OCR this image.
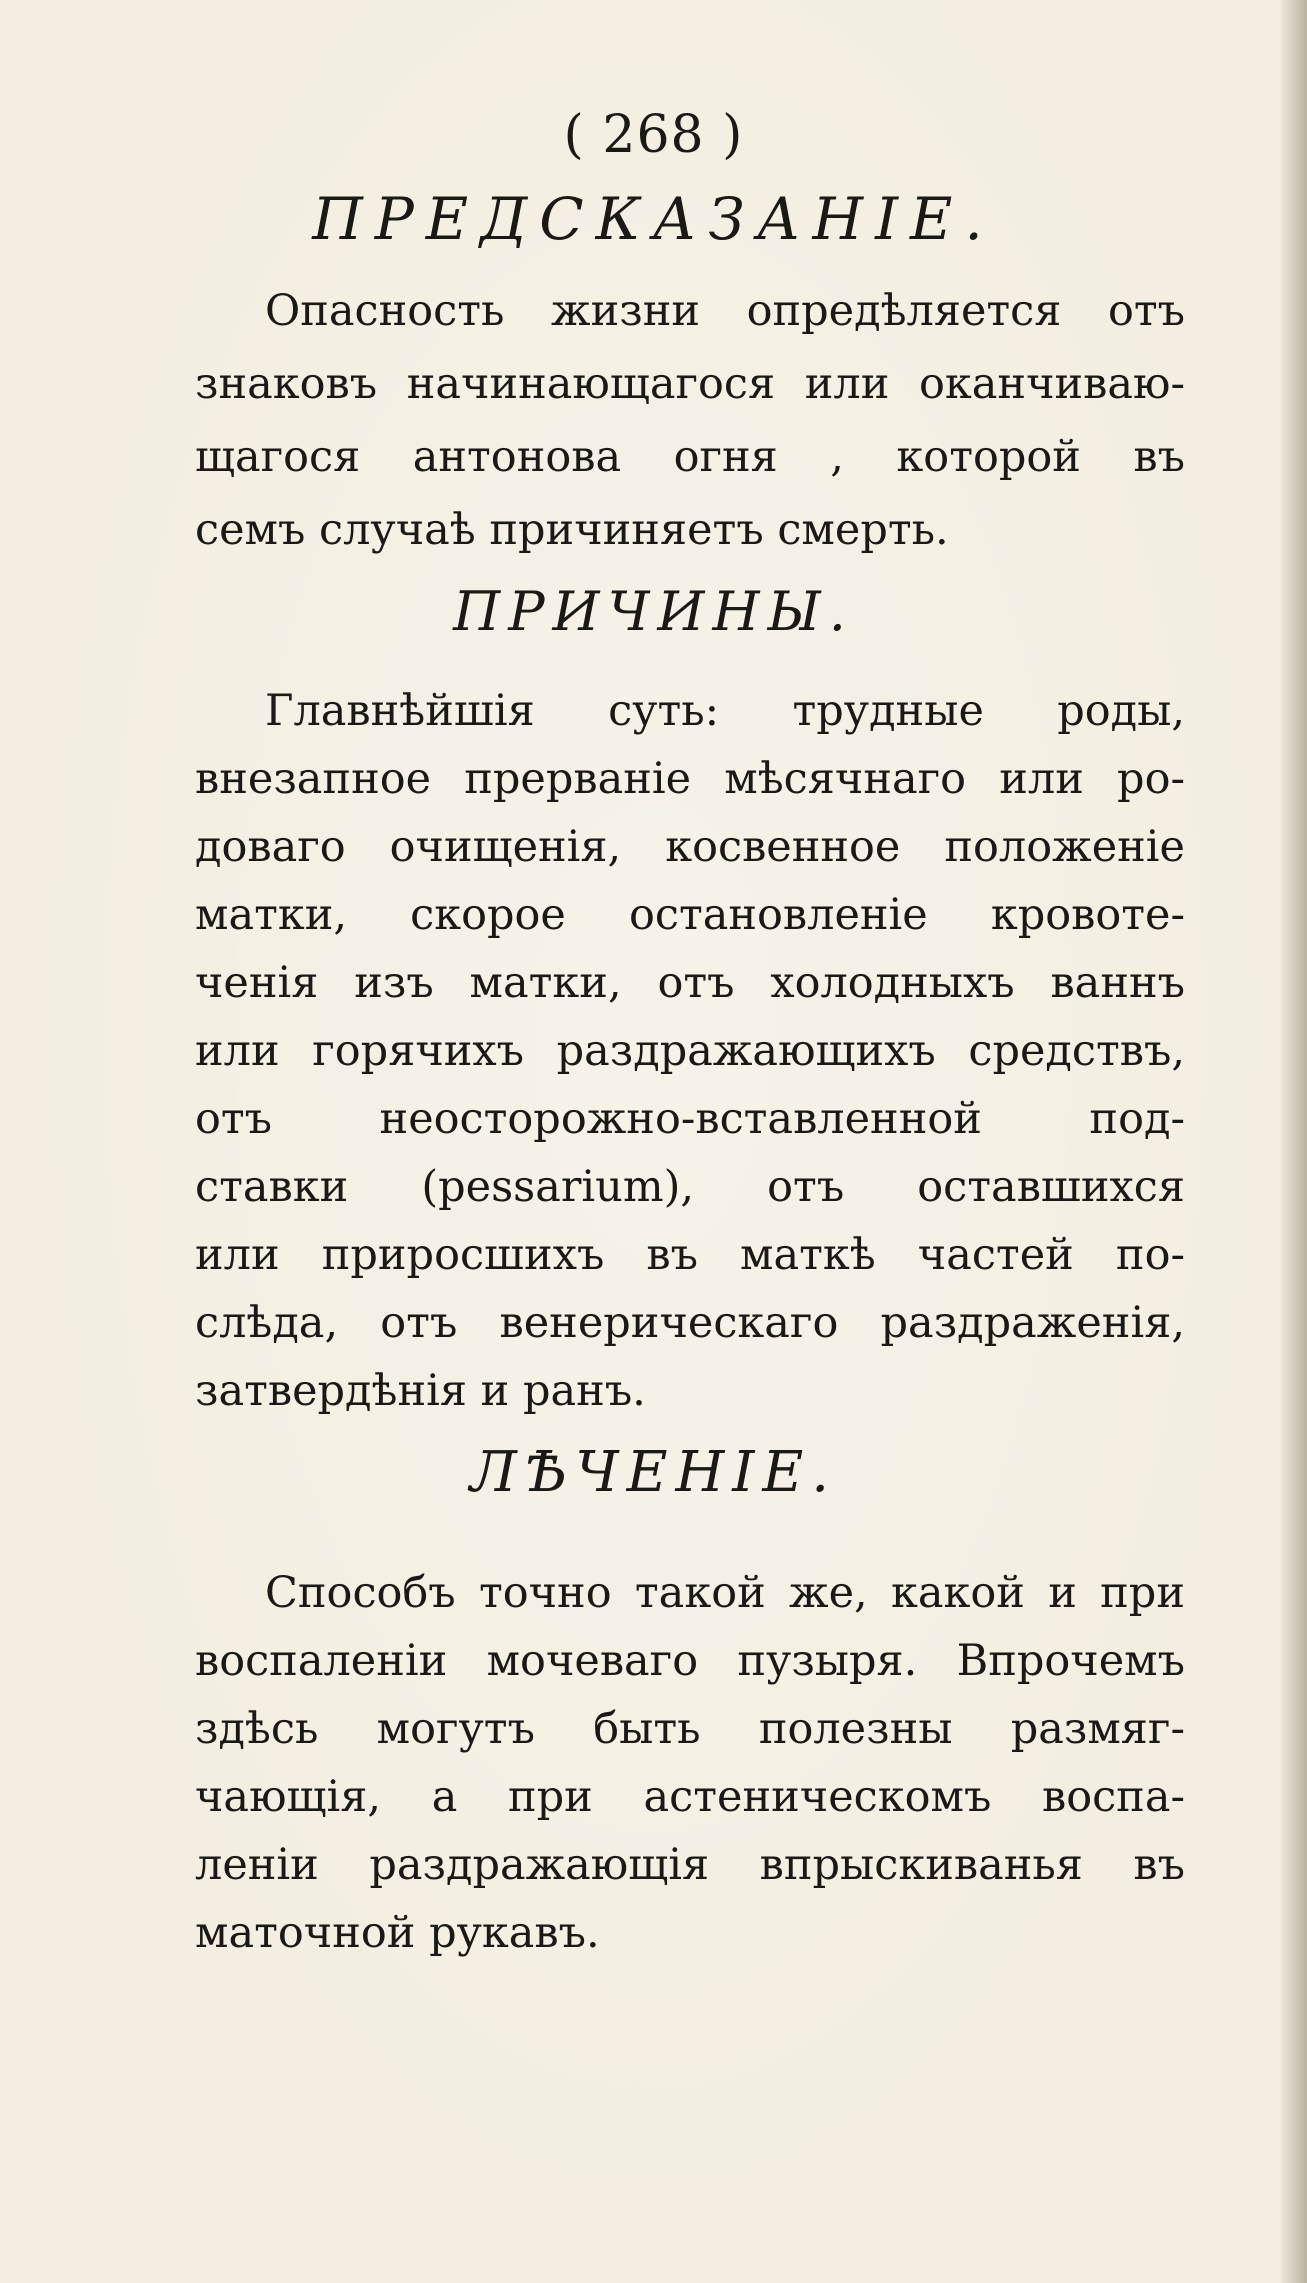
( 268 )
ПРЕДСКАЗАНIЕ.
Опасность жизни опредѣляется отъ
знаковъ начинающагося или оканчиваю-
щагося антонова огня , которой въ
семъ случаѣ причиняетъ смерть.
ПРИЧИНЫ.
Главнѣйшія суть: трудные роды,
внезапное прерванiе мѣсячнаго или ро-
доваго очищенiя, косвенное положенiе
матки, скорое остановленiе кровоте-
ченiя изъ матки, отъ холодныхъ ваннъ
или горячихъ раздражающихъ средствъ,
отъ неосторожно-вставленной под-
ставки (pessarium), отъ оставшихся
или приросшихъ въ маткѣ частей по-
слѣда, отъ венерическаго раздраженiя,
затвердѣнiя и ранъ.
ЛѢЧЕНIЕ.
Способъ точно такой же, какой и при
воспаленiи мочеваго пузыря. Впрочемъ
здѣсь могутъ быть полезны размяг-
чающiя, а при астеническомъ воспа-
ленiи раздражающiя впрыскиванья въ
маточной рукавъ.
